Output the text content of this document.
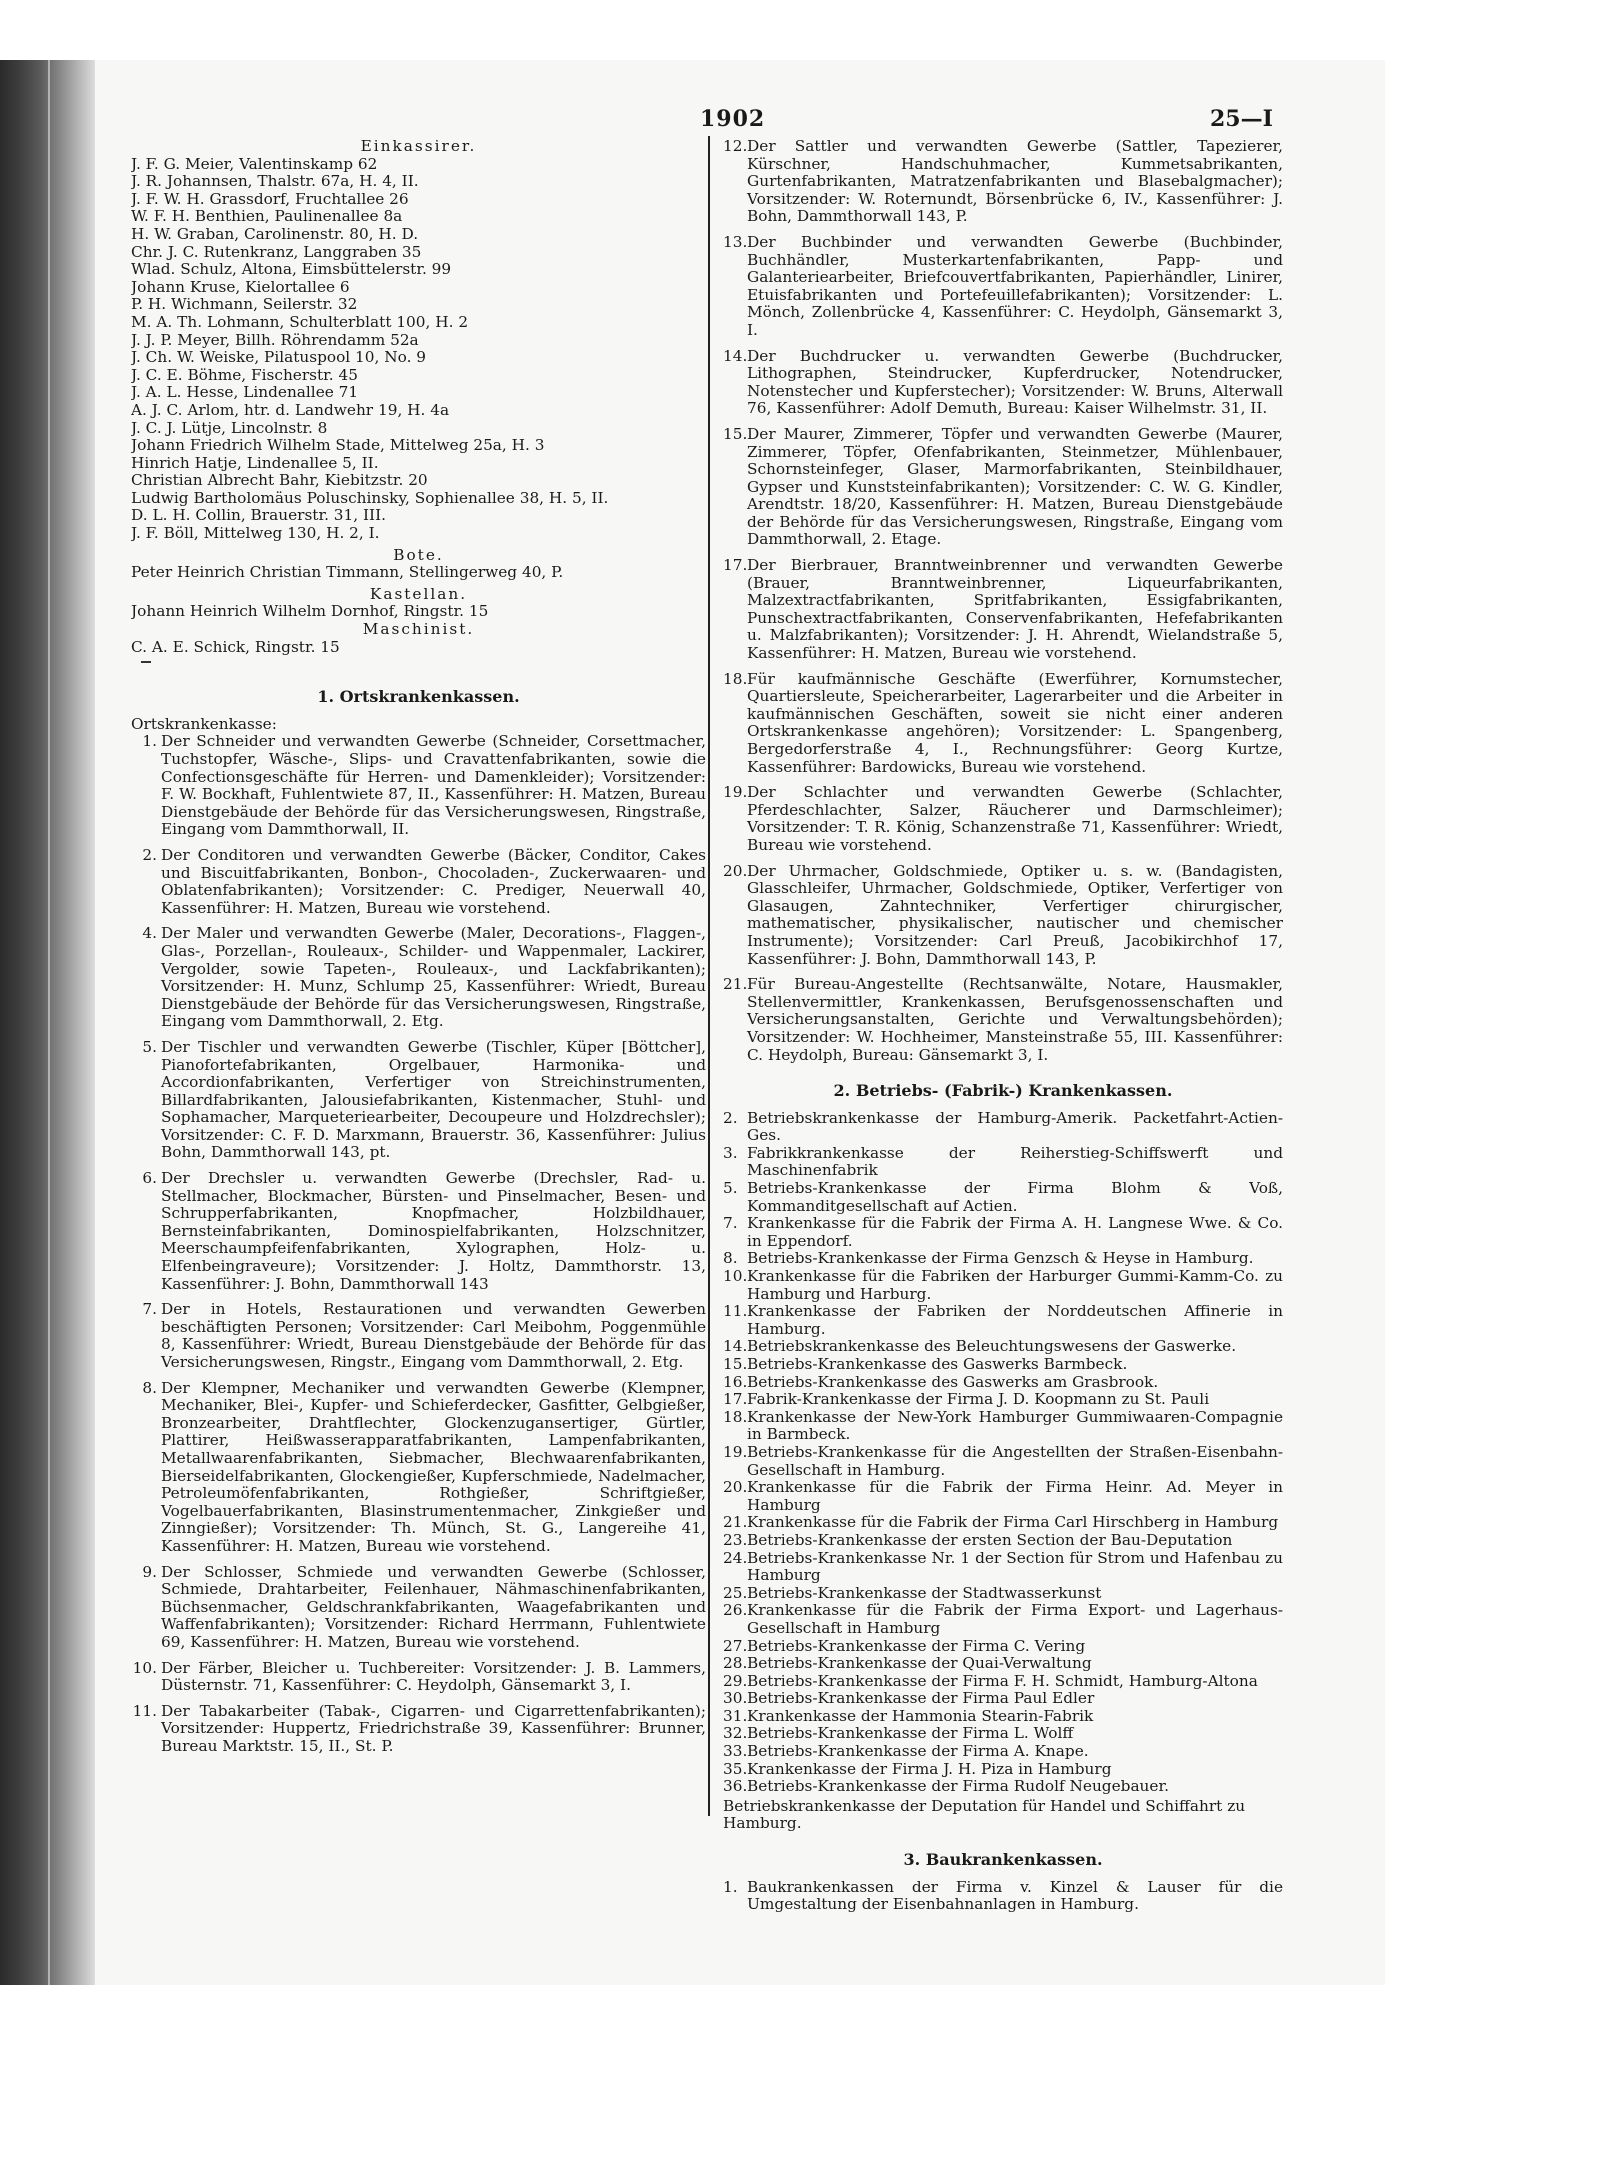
1902	25—I
Einkassirer.
J. F. G. Meier, Valentinskamp 62
J. R. Johannsen, Thalstr. 67a, H. 4, II.
J. F. W. H. Grassdorf, Fruchtallee 26
W. F. H. Benthien, Paulinenallee 8a
H. W. Graban, Carolinenstr. 80, H. D.
Chr. J. C. Rutenkranz, Langgraben 35
Wlad. Schulz, Altona, Eimsbüttelerstr. 99
Johann Kruse, Kielortallee 6
P. H. Wichmann, Seilerstr. 32
M. A. Th. Lohmann, Schulterblatt 100, H. 2
J. J. P. Meyer, Billh. Röhrendamm 52a
J. Ch. W. Weiske, Pilatuspool 10, No. 9
J. C. E. Böhme, Fischerstr. 45
J. A. L. Hesse, Lindenallee 71
A. J. C. Arlom, htr. d. Landwehr 19, H. 4a
J. C. J. Lütje, Lincolnstr. 8
Johann Friedrich Wilhelm Stade, Mittelweg 25a, H. 3
Hinrich Hatje, Lindenallee 5, II.
Christian Albrecht Bahr, Kiebitzstr. 20
Ludwig Bartholomäus Poluschinsky, Sophienallee 38, H. 5, II.
D. L. H. Collin, Brauerstr. 31, III.
J. F. Böll, Mittelweg 130, H. 2, I.
Bote.
Peter Heinrich Christian Timmann, Stellingerweg 40, P.
Kastellan.
Johann Heinrich Wilhelm Dornhof, Ringstr. 15
Maschinist.
C. A. E. Schick, Ringstr. 15
1. Ortskrankenkassen.
Ortskrankenkasse:
1. Der Schneider und verwandten Gewerbe (Schneider, Corsettmacher, Tuchstopfer, Wäsche-, Slips- und Cravattenfabrikanten, sowie die Confectionsgeschäfte für Herren- und Damenkleider); Vorsitzender: F. W. Bockhaft, Fuhlentwiete 87, II., Kassenführer: H. Matzen, Bureau Dienstgebäude der Behörde für das Versicherungswesen, Ringstraße, Eingang vom Dammthorwall, II.
2. Der Conditoren und verwandten Gewerbe (Bäcker, Conditor, Cakes und Biscuitfabrikanten, Bonbon-, Chocoladen-, Zuckerwaaren- und Oblatenfabrikanten); Vorsitzender: C. Prediger, Neuerwall 40, Kassenführer: H. Matzen, Bureau wie vorstehend.
4. Der Maler und verwandten Gewerbe (Maler, Decorations-, Flaggen-, Glas-, Porzellan-, Rouleaux-, Schilder- und Wappenmaler, Lackirer, Vergolder, sowie Tapeten-, Rouleaux-, und Lackfabrikanten); Vorsitzender: H. Munz, Schlump 25, Kassenführer: Wriedt, Bureau Dienstgebäude der Behörde für das Versicherungswesen, Ringstraße, Eingang vom Dammthorwall, 2. Etg.
5. Der Tischler und verwandten Gewerbe (Tischler, Küper [Böttcher], Pianofortefabrikanten, Orgelbauer, Harmonika- und Accordionfabrikanten, Verfertiger von Streichinstrumenten, Billardfabrikanten, Jalousiefabrikanten, Kistenmacher, Stuhl- und Sophamacher, Marqueteriearbeiter, Decoupeure und Holzdrechsler); Vorsitzender: C. F. D. Marxmann, Brauerstr. 36, Kassenführer: Julius Bohn, Dammthorwall 143, pt.
6. Der Drechsler u. verwandten Gewerbe (Drechsler, Rad- u. Stellmacher, Blockmacher, Bürsten- und Pinselmacher, Besen- und Schrupperfabrikanten, Knopfmacher, Holzbildhauer, Bernsteinfabrikanten, Dominospielfabrikanten, Holzschnitzer, Meerschaumpfeifenfabrikanten, Xylographen, Holz- u. Elfenbeingraveure); Vorsitzender: J. Holtz, Dammthorstr. 13, Kassenführer: J. Bohn, Dammthorwall 143
7. Der in Hotels, Restaurationen und verwandten Gewerben beschäftigten Personen; Vorsitzender: Carl Meibohm, Poggenmühle 8, Kassenführer: Wriedt, Bureau Dienstgebäude der Behörde für das Versicherungswesen, Ringstr., Eingang vom Dammthorwall, 2. Etg.
8. Der Klempner, Mechaniker und verwandten Gewerbe (Klempner, Mechaniker, Blei-, Kupfer- und Schieferdecker, Gasfitter, Gelbgießer, Bronzearbeiter, Drahtflechter, Glockenzugansertiger, Gürtler, Plattirer, Heißwasserapparatfabrikanten, Lampenfabrikanten, Metallwaarenfabrikanten, Siebmacher, Blechwaarenfabrikanten, Bierseidelfabrikanten, Glockengießer, Kupferschmiede, Nadelmacher, Petroleumöfenfabrikanten, Rothgießer, Schriftgießer, Vogelbauerfabrikanten, Blasinstrumentenmacher, Zinkgießer und Zinngießer); Vorsitzender: Th. Münch, St. G., Langereihe 41, Kassenführer: H. Matzen, Bureau wie vorstehend.
9. Der Schlosser, Schmiede und verwandten Gewerbe (Schlosser, Schmiede, Drahtarbeiter, Feilenhauer, Nähmaschinenfabrikanten, Büchsenmacher, Geldschrankfabrikanten, Waagefabrikanten und Waffenfabrikanten); Vorsitzender: Richard Herrmann, Fuhlentwiete 69, Kassenführer: H. Matzen, Bureau wie vorstehend.
10. Der Färber, Bleicher u. Tuchbereiter: Vorsitzender: J. B. Lammers, Düsternstr. 71, Kassenführer: C. Heydolph, Gänsemarkt 3, I.
11. Der Tabakarbeiter (Tabak-, Cigarren- und Cigarrettenfabrikanten); Vorsitzender: Huppertz, Friedrichstraße 39, Kassenführer: Brunner, Bureau Marktstr. 15, II., St. P.
12. Der Sattler und verwandten Gewerbe (Sattler, Tapezierer, Kürschner, Handschuhmacher, Kummetsabrikanten, Gurtenfabrikanten, Matratzenfabrikanten und Blasebalgmacher); Vorsitzender: W. Roternundt, Börsenbrücke 6, IV., Kassenführer: J. Bohn, Dammthorwall 143, P.
13. Der Buchbinder und verwandten Gewerbe (Buchbinder, Buchhändler, Musterkartenfabrikanten, Papp- und Galanteriearbeiter, Briefcouvertfabrikanten, Papierhändler, Linirer, Etuisfabrikanten und Portefeuillefabrikanten); Vorsitzender: L. Mönch, Zollenbrücke 4, Kassenführer: C. Heydolph, Gänsemarkt 3, I.
14. Der Buchdrucker u. verwandten Gewerbe (Buchdrucker, Lithographen, Steindrucker, Kupferdrucker, Notendrucker, Notenstecher und Kupferstecher); Vorsitzender: W. Bruns, Alterwall 76, Kassenführer: Adolf Demuth, Bureau: Kaiser Wilhelmstr. 31, II.
15. Der Maurer, Zimmerer, Töpfer und verwandten Gewerbe (Maurer, Zimmerer, Töpfer, Ofenfabrikanten, Steinmetzer, Mühlenbauer, Schornsteinfeger, Glaser, Marmorfabrikanten, Steinbildhauer, Gypser und Kunststeinfabrikanten); Vorsitzender: C. W. G. Kindler, Arendtstr. 18/20, Kassenführer: H. Matzen, Bureau Dienstgebäude der Behörde für das Versicherungswesen, Ringstraße, Eingang vom Dammthorwall, 2. Etage.
17. Der Bierbrauer, Branntweinbrenner und verwandten Gewerbe (Brauer, Branntweinbrenner, Liqueurfabrikanten, Malzextractfabrikanten, Spritfabrikanten, Essigfabrikanten, Punschextractfabrikanten, Conservenfabrikanten, Hefefabrikanten u. Malzfabrikanten); Vorsitzender: J. H. Ahrendt, Wielandstraße 5, Kassenführer: H. Matzen, Bureau wie vorstehend.
18. Für kaufmännische Geschäfte (Ewerführer, Kornumstecher, Quartiersleute, Speicherarbeiter, Lagerarbeiter und die Arbeiter in kaufmännischen Geschäften, soweit sie nicht einer anderen Ortskrankenkasse angehören); Vorsitzender: L. Spangenberg, Bergedorferstraße 4, I., Rechnungsführer: Georg Kurtze, Kassenführer: Bardowicks, Bureau wie vorstehend.
19. Der Schlachter und verwandten Gewerbe (Schlachter, Pferdeschlachter, Salzer, Räucherer und Darmschleimer); Vorsitzender: T. R. König, Schanzenstraße 71, Kassenführer: Wriedt, Bureau wie vorstehend.
20. Der Uhrmacher, Goldschmiede, Optiker u. s. w. (Bandagisten, Glasschleifer, Uhrmacher, Goldschmiede, Optiker, Verfertiger von Glasaugen, Zahntechniker, Verfertiger chirurgischer, mathematischer, physikalischer, nautischer und chemischer Instrumente); Vorsitzender: Carl Preuß, Jacobikirchhof 17, Kassenführer: J. Bohn, Dammthorwall 143, P.
21. Für Bureau-Angestellte (Rechtsanwälte, Notare, Hausmakler, Stellenvermittler, Krankenkassen, Berufsgenossenschaften und Versicherungsanstalten, Gerichte und Verwaltungsbehörden); Vorsitzender: W. Hochheimer, Mansteinstraße 55, III. Kassenführer: C. Heydolph, Bureau: Gänsemarkt 3, I.
2. Betriebs- (Fabrik-) Krankenkassen.
2. Betriebskrankenkasse der Hamburg-Amerik. Packetfahrt-Actien-Ges.
3. Fabrikkrankenkasse der Reiherstieg-Schiffswerft und Maschinenfabrik
5. Betriebs-Krankenkasse der Firma Blohm & Voß, Kommanditgesellschaft auf Actien.
7. Krankenkasse für die Fabrik der Firma A. H. Langnese Wwe. & Co. in Eppendorf.
8. Betriebs-Krankenkasse der Firma Genzsch & Heyse in Hamburg.
10. Krankenkasse für die Fabriken der Harburger Gummi-Kamm-Co. zu Hamburg und Harburg.
11. Krankenkasse der Fabriken der Norddeutschen Affinerie in Hamburg.
14. Betriebskrankenkasse des Beleuchtungswesens der Gaswerke.
15. Betriebs-Krankenkasse des Gaswerks Barmbeck.
16. Betriebs-Krankenkasse des Gaswerks am Grasbrook.
17. Fabrik-Krankenkasse der Firma J. D. Koopmann zu St. Pauli
18. Krankenkasse der New-York Hamburger Gummiwaaren-Compagnie in Barmbeck.
19. Betriebs-Krankenkasse für die Angestellten der Straßen-Eisenbahn-Gesellschaft in Hamburg.
20. Krankenkasse für die Fabrik der Firma Heinr. Ad. Meyer in Hamburg
21. Krankenkasse für die Fabrik der Firma Carl Hirschberg in Hamburg
23. Betriebs-Krankenkasse der ersten Section der Bau-Deputation
24. Betriebs-Krankenkasse Nr. 1 der Section für Strom und Hafenbau zu Hamburg
25. Betriebs-Krankenkasse der Stadtwasserkunst
26. Krankenkasse für die Fabrik der Firma Export- und Lagerhaus-Gesellschaft in Hamburg
27. Betriebs-Krankenkasse der Firma C. Vering
28. Betriebs-Krankenkasse der Quai-Verwaltung
29. Betriebs-Krankenkasse der Firma F. H. Schmidt, Hamburg-Altona
30. Betriebs-Krankenkasse der Firma Paul Edler
31. Krankenkasse der Hammonia Stearin-Fabrik
32. Betriebs-Krankenkasse der Firma L. Wolff
33. Betriebs-Krankenkasse der Firma A. Knape.
35. Krankenkasse der Firma J. H. Piza in Hamburg
36. Betriebs-Krankenkasse der Firma Rudolf Neugebauer.
Betriebskrankenkasse der Deputation für Handel und Schiffahrt zu Hamburg.
3. Baukrankenkassen.
1. Baukrankenkassen der Firma v. Kinzel & Lauser für die Umgestaltung der Eisenbahnanlagen in Hamburg.
